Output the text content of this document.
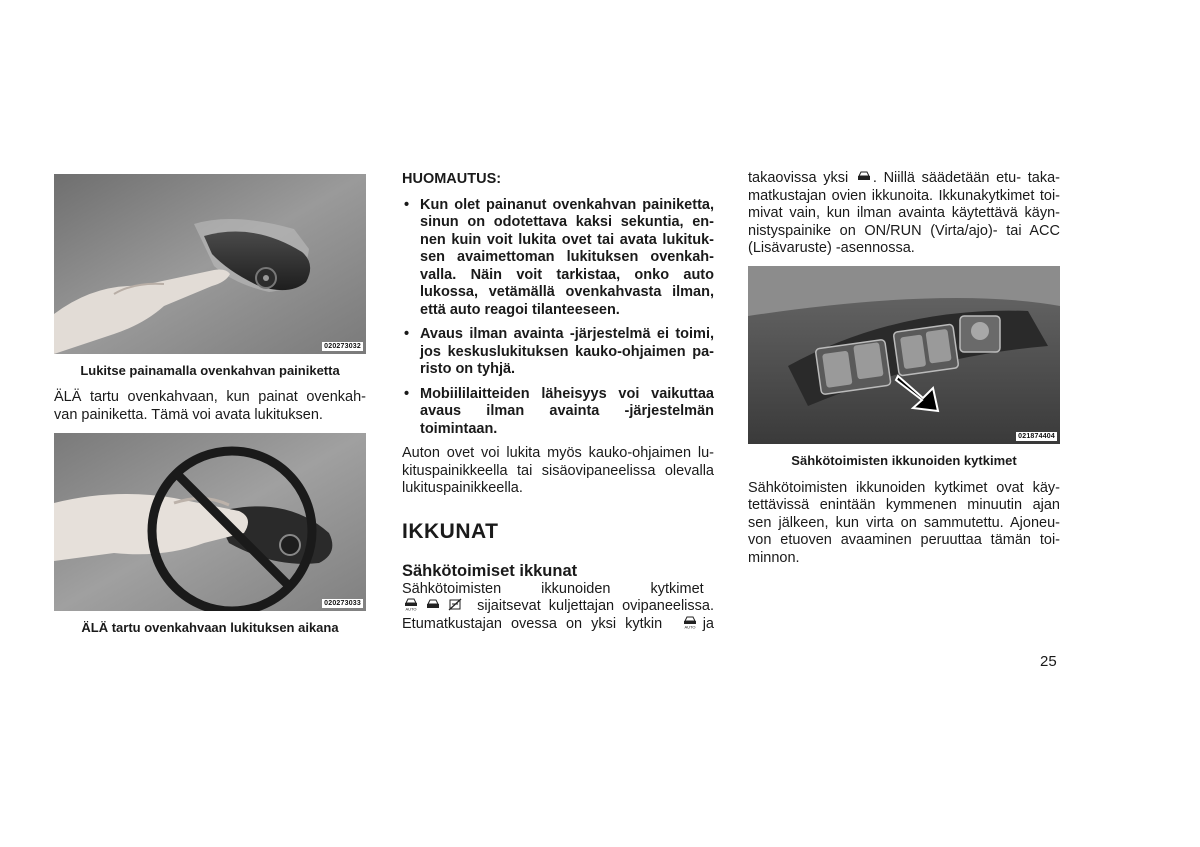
020273032
Lukitse painamalla ovenkahvan painiketta

ÄLÄ tartu ovenkahvaan, kun painat ovenkah-van painiketta. Tämä voi avata lukituksen.

020273033
ÄLÄ tartu ovenkahvaan lukituksen aikana
HUOMAUTUS:
• Kun olet painanut ovenkahvan painiketta, sinun on odotettava kaksi sekuntia, en-nen kuin voit lukita ovet tai avata lukituk-sen avaimettoman lukituksen ovenkah-valla. Näin voit tarkistaa, onko auto lukossa, vetämällä ovenkahvasta ilman, että auto reagoi tilanteeseen.
• Avaus ilman avainta -järjestelmä ei toimi, jos keskuslukituksen kauko-ohjaimen pa-risto on tyhjä.
• Mobiililaitteiden läheisyys voi vaikuttaa avaus ilman avainta -järjestelmän toimintaan.

Auton ovet voi lukita myös kauko-ohjaimen lu-kituspainikkeella tai sisäovipaneelissa olevalla lukituspainikkeella.

IKKUNAT
Sähkötoimiset ikkunat
Sähkötoimisten ikkunoiden kytkimet
AUTO

	sijaitsevat kuljettajan ovipaneelissa.
Etumatkustajan ovessa on yksi kytkin	AUTO ja
takaovissa yksi . Niillä säädetään etu- taka- matkustajan ovien ikkunoita. Ikkunakytkimet toi-mivat vain, kun ilman avainta käytettävä käyn-nistyspainike on ON/RUN (Virta/ajo)- tai ACC (Lisävaruste) -asennossa.
021874404
Sähkötoimisten ikkunoiden kytkimet

Sähkötoimisten ikkunoiden kytkimet ovat käy-tettävissä enintään kymmenen minuutin ajan sen jälkeen, kun virta on sammutettu. Ajoneu-von etuoven avaaminen peruuttaa tämän toi-minnon.

25
